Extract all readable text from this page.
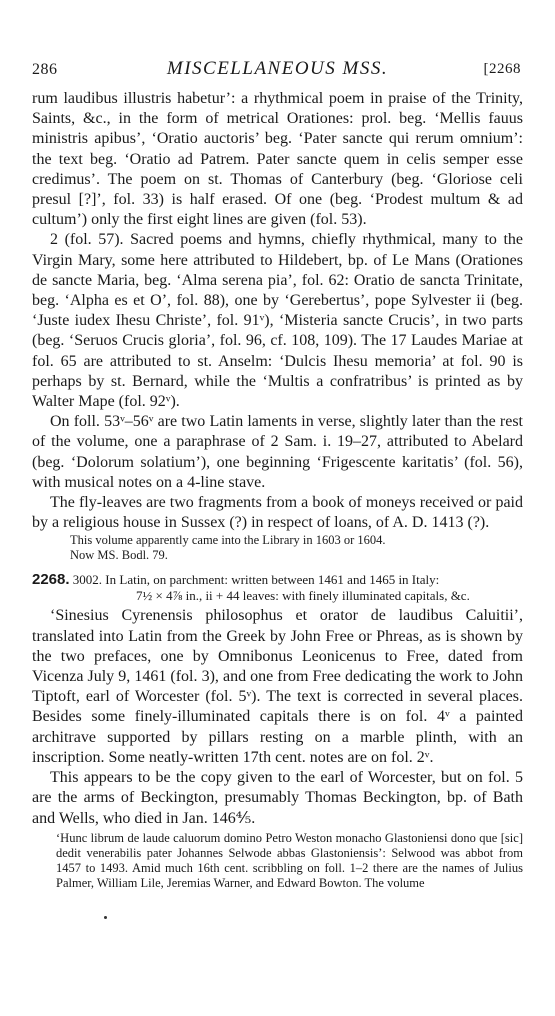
286	MISCELLANEOUS MSS.	[2268

rum laudibus illustris habetur’: a rhythmical poem in praise of the Trinity, Saints, &c., in the form of metrical Orationes: prol. beg. ‘Mellis fauus ministris apibus’, ‘Oratio auctoris’ beg. ‘Pater sancte qui rerum omnium’: the text beg. ‘Oratio ad Patrem. Pater sancte quem in celis semper esse credimus’. The poem on st. Thomas of Canterbury (beg. ‘Gloriose celi presul [?]’, fol. 33) is half erased. Of one (beg. ‘Prodest multum & ad cultum’) only the first eight lines are given (fol. 53).

2 (fol. 57). Sacred poems and hymns, chiefly rhythmical, many to the Virgin Mary, some here attributed to Hildebert, bp. of Le Mans (Orationes de sancte Maria, beg. ‘Alma serena pia’, fol. 62: Oratio de sancta Trinitate, beg. ‘Alpha es et O’, fol. 88), one by ‘Gerebertus’, pope Sylvester ii (beg. ‘Juste iudex Ihesu Christe’, fol. 91ᵛ), ‘Misteria sancte Crucis’, in two parts (beg. ‘Seruos Crucis gloria’, fol. 96, cf. 108, 109). The 17 Laudes Mariae at fol. 65 are attributed to st. Anselm: ‘Dulcis Ihesu memoria’ at fol. 90 is perhaps by st. Bernard, while the ‘Multis a confratribus’ is printed as by Walter Mape (fol. 92ᵛ).

On foll. 53ᵛ–56ᵛ are two Latin laments in verse, slightly later than the rest of the volume, one a paraphrase of 2 Sam. i. 19–27, attributed to Abelard (beg. ‘Dolorum solatium’), one beginning ‘Frigescente karitatis’ (fol. 56), with musical notes on a 4-line stave.

The fly-leaves are two fragments from a book of moneys received or paid by a religious house in Sussex (?) in respect of loans, of A. D. 1413 (?).

This volume apparently came into the Library in 1603 or 1604.

Now MS. Bodl. 79.

2268. 3002. In Latin, on parchment: written between 1461 and 1465 in Italy:
7½ × 4⅞ in., ii + 44 leaves: with finely illuminated capitals, &c.

‘Sinesius Cyrenensis philosophus et orator de laudibus Caluitii’, translated into Latin from the Greek by John Free or Phreas, as is shown by the two prefaces, one by Omnibonus Leonicenus to Free, dated from Vicenza July 9, 1461 (fol. 3), and one from Free dedicating the work to John Tiptoft, earl of Worcester (fol. 5ᵛ). The text is corrected in several places. Besides some finely-illuminated capitals there is on fol. 4ᵛ a painted architrave supported by pillars resting on a marble plinth, with an inscription. Some neatly-written 17th cent. notes are on fol. 2ᵛ.

This appears to be the copy given to the earl of Worcester, but on fol. 5 are the arms of Beckington, presumably Thomas Beckington, bp. of Bath and Wells, who died in Jan. 146⅘.

‘Hunc librum de laude caluorum domino Petro Weston monacho Glastoniensi dono que [sic] dedit venerabilis pater Johannes Selwode abbas Glastoniensis’: Selwood was abbot from 1457 to 1493. Amid much 16th cent. scribbling on foll. 1–2 there are the names of Julius Palmer, William Lile, Jeremias Warner, and Edward Bowton. The volume
